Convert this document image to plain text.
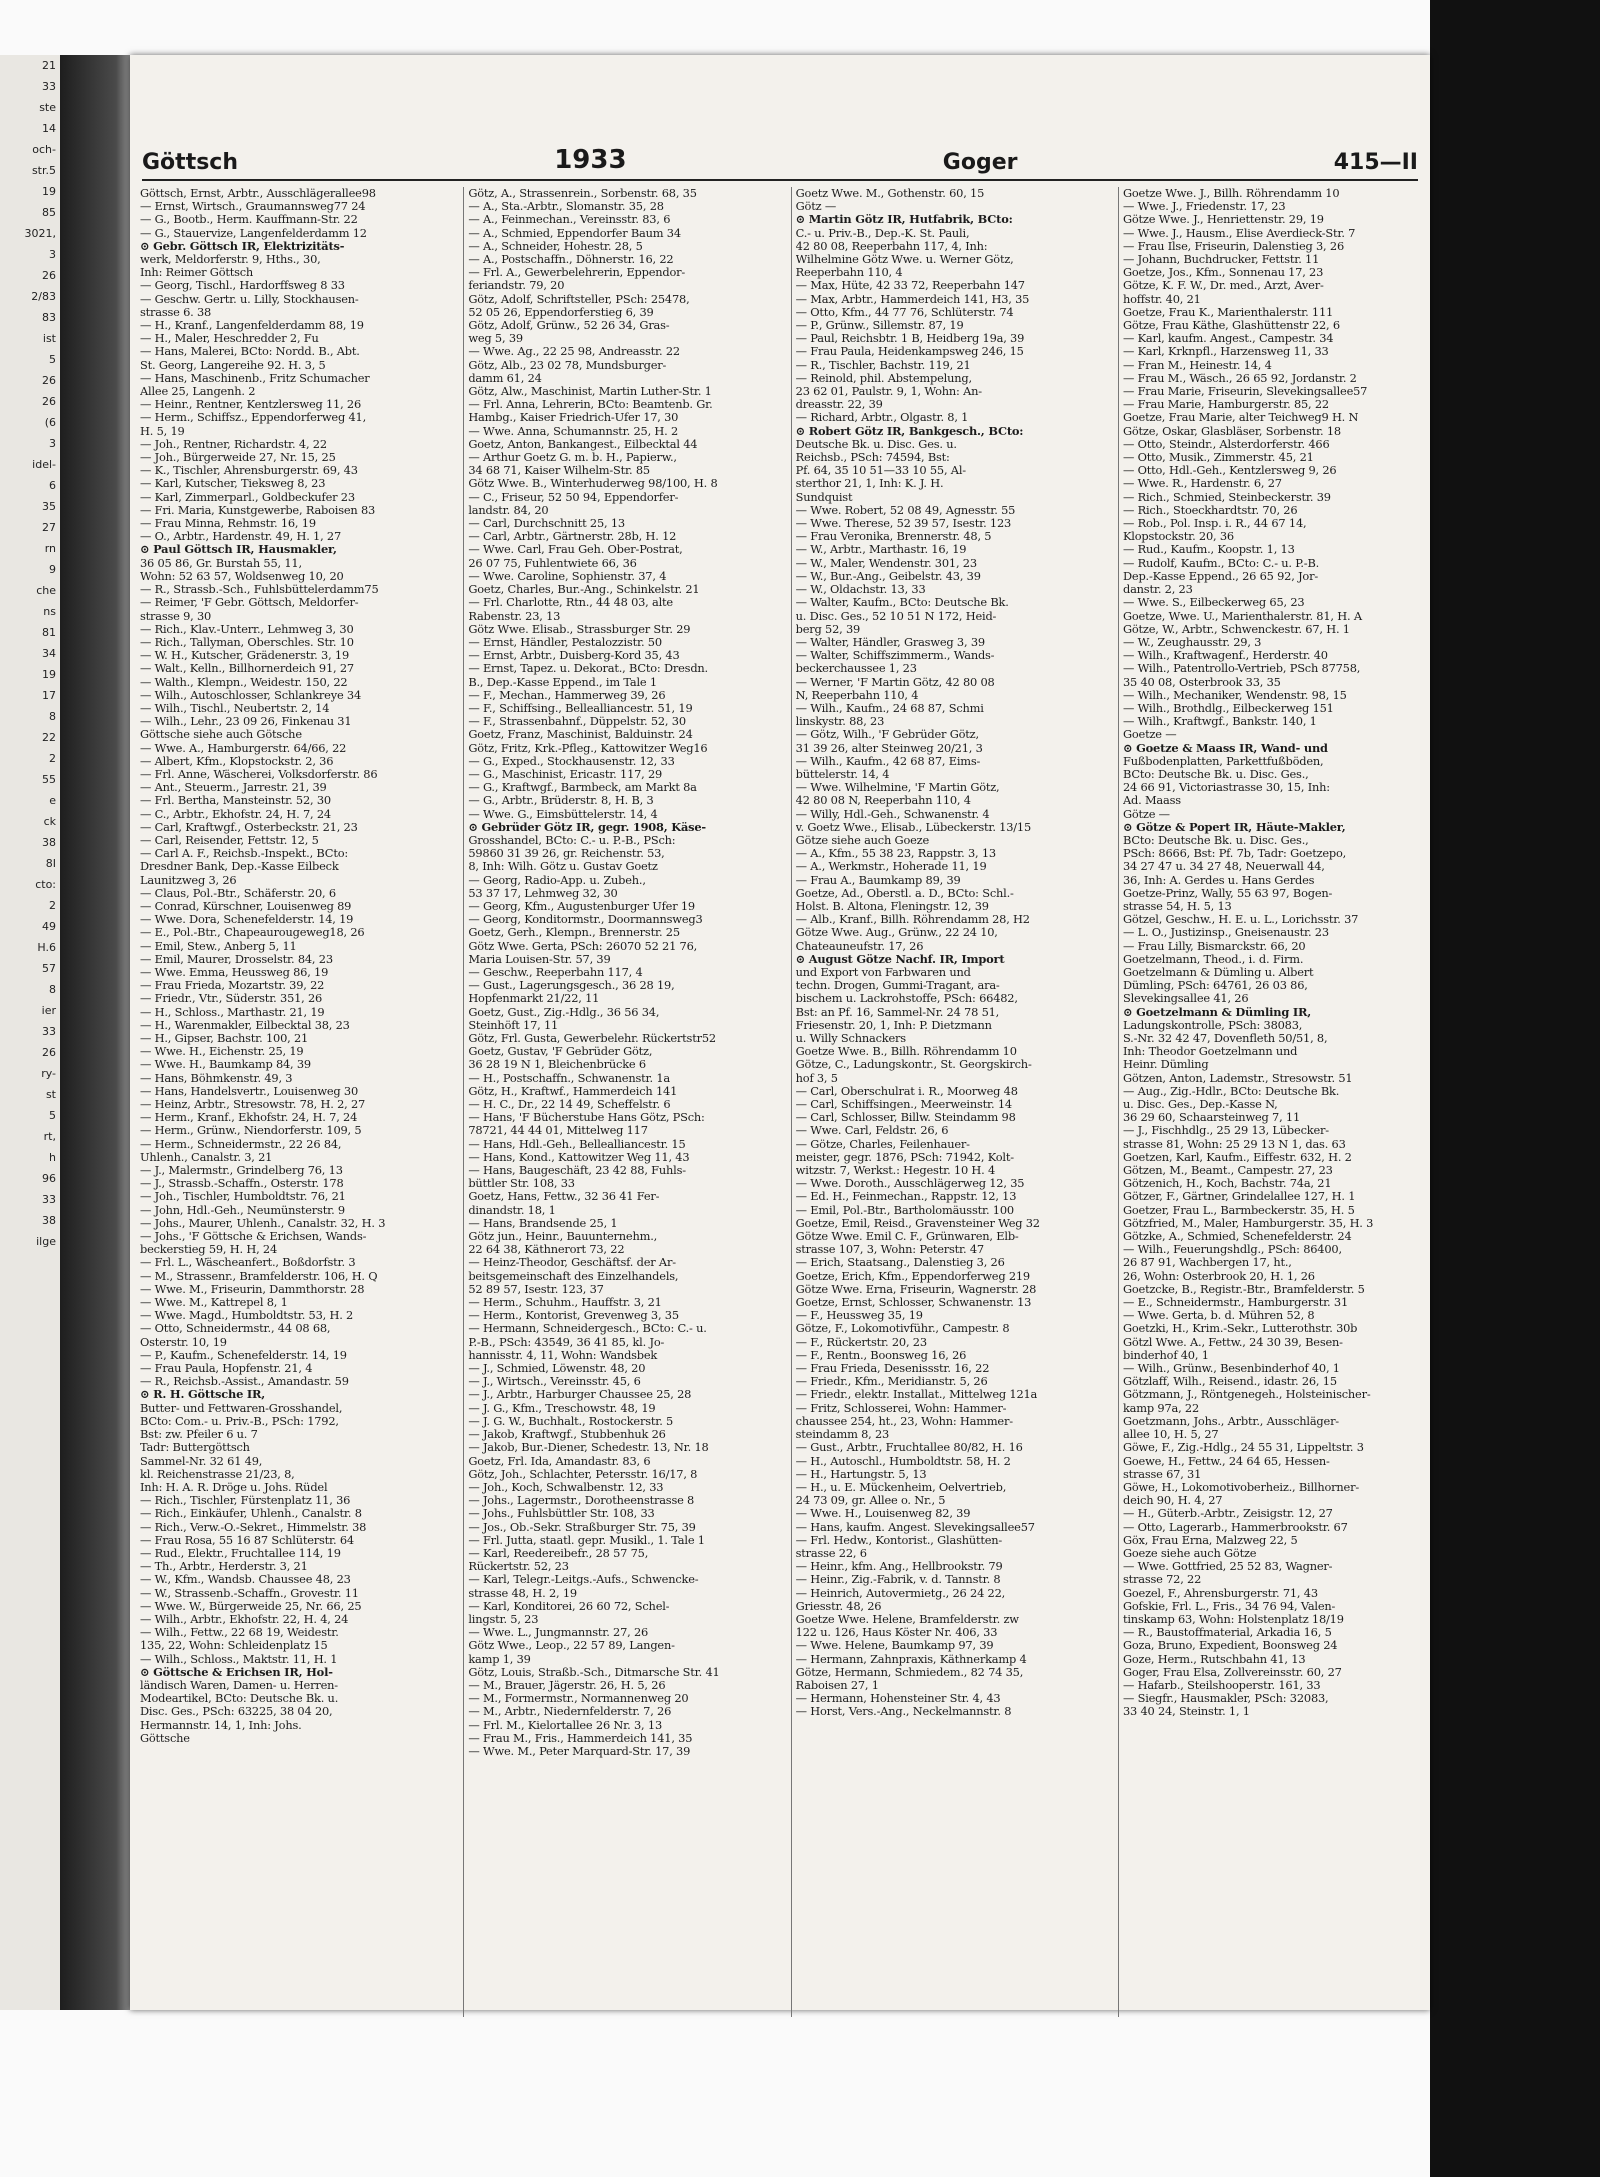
21
33
ste
14
och-
str.5
19
85
3021,
3
26
2/83
83
ist
5
26
26
(6
3
idel-
6
35
27
rn
9
che
ns
81
34
19
17
8
22
2
55
e
ck
38
8I
cto:
2
49
H.6
57
8
ier
33
26
ry-
st
5
rt,
h
96
33
38
ilge
Göttsch	1933	Goger	415—II
Göttsch, Ernst, Arbtr., Ausschlägerallee98
— Ernst, Wirtsch., Graumannsweg77 24
— G., Bootb., Herm. Kauffmann-Str. 22
— G., Stauervize, Langenfelderdamm 12
⊙ Gebr. Göttsch IR, Elektrizitäts-
werk, Meldorferstr. 9, Hths., 30,
Inh: Reimer Göttsch
— Georg, Tischl., Hardorffsweg 8 33
— Geschw. Gertr. u. Lilly, Stockhausen-
strasse 6. 38
— H., Kranf., Langenfelderdamm 88, 19
— H., Maler, Heschredder 2, Fu
— Hans, Malerei, BCto: Nordd. B., Abt.
St. Georg, Langereihe 92. H. 3, 5
— Hans, Maschinenb., Fritz Schumacher
Allee 25, Langenh. 2
— Heinr., Rentner, Kentzlersweg 11, 26
— Herm., Schiffsz., Eppendorferweg 41,
H. 5, 19
— Joh., Rentner, Richardstr. 4, 22
— Joh., Bürgerweide 27, Nr. 15, 25
— K., Tischler, Ahrensburgerstr. 69, 43
— Karl, Kutscher, Tieksweg 8, 23
— Karl, Zimmerparl., Goldbeckufer 23
— Fri. Maria, Kunstgewerbe, Raboisen 83
— Frau Minna, Rehmstr. 16, 19
— O., Arbtr., Hardenstr. 49, H. 1, 27
⊙ Paul Göttsch IR, Hausmakler,
36 05 86, Gr. Burstah 55, 11,
Wohn: 52 63 57, Woldsenweg 10, 20
— R., Strassb.-Sch., Fuhlsbüttelerdamm75
— Reimer, 'F Gebr. Göttsch, Meldorfer-
strasse 9, 30
— Rich., Klav.-Unterr., Lehmweg 3, 30
— Rich., Tallyman, Oberschles. Str. 10
— W. H., Kutscher, Grädenerstr. 3, 19
— Walt., Kelln., Billhornerdeich 91, 27
— Walth., Klempn., Weidestr. 150, 22
— Wilh., Autoschlosser, Schlankreye 34
— Wilh., Tischl., Neubertstr. 2, 14
— Wilh., Lehr., 23 09 26, Finkenau 31
Göttsche siehe auch Götsche
— Wwe. A., Hamburgerstr. 64/66, 22
— Albert, Kfm., Klopstockstr. 2, 36
— Frl. Anne, Wäscherei, Volksdorferstr. 86
— Ant., Steuerm., Jarrestr. 21, 39
— Frl. Bertha, Mansteinstr. 52, 30
— C., Arbtr., Ekhofstr. 24, H. 7, 24
— Carl, Kraftwgf., Osterbeckstr. 21, 23
— Carl, Reisender, Fettstr. 12, 5
— Carl A. F., Reichsb.-Inspekt., BCto:
Dresdner Bank, Dep.-Kasse Eilbeck
Launitzweg 3, 26
— Claus, Pol.-Btr., Schäferstr. 20, 6
— Conrad, Kürschner, Louisenweg 89
— Wwe. Dora, Schenefelderstr. 14, 19
— E., Pol.-Btr., Chapeaurougeweg18, 26
— Emil, Stew., Anberg 5, 11
— Emil, Maurer, Drosselstr. 84, 23
— Wwe. Emma, Heussweg 86, 19
— Frau Frieda, Mozartstr. 39, 22
— Friedr., Vtr., Süderstr. 351, 26
— H., Schloss., Marthastr. 21, 19
— H., Warenmakler, Eilbecktal 38, 23
— H., Gipser, Bachstr. 100, 21
— Wwe. H., Eichenstr. 25, 19
— Wwe. H., Baumkamp 84, 39
— Hans, Böhmkenstr. 49, 3
— Hans, Handelsvertr., Louisenweg 30
— Heinz, Arbtr., Stresowstr. 78, H. 2, 27
— Herm., Kranf., Ekhofstr. 24, H. 7, 24
— Herm., Grünw., Niendorferstr. 109, 5
— Herm., Schneidermstr., 22 26 84,
Uhlenh., Canalstr. 3, 21
— J., Malermstr., Grindelberg 76, 13
— J., Strassb.-Schaffn., Osterstr. 178
— Joh., Tischler, Humboldtstr. 76, 21
— John, Hdl.-Geh., Neumünsterstr. 9
— Johs., Maurer, Uhlenh., Canalstr. 32, H. 3
— Johs., 'F Göttsche & Erichsen, Wands-
beckerstieg 59, H. H, 24
— Frl. L., Wäscheanfert., Boßdorfstr. 3
— M., Strassenr., Bramfelderstr. 106, H. Q
— Wwe. M., Friseurin, Dammthorstr. 28
— Wwe. M., Kattrepel 8, 1
— Wwe. Magd., Humboldtstr. 53, H. 2
— Otto, Schneidermstr., 44 08 68,
Osterstr. 10, 19
— P., Kaufm., Schenefelderstr. 14, 19
— Frau Paula, Hopfenstr. 21, 4
— R., Reichsb.-Assist., Amandastr. 59
⊙ R. H. Göttsche IR,
Butter- und Fettwaren-Grosshandel,
BCto: Com.- u. Priv.-B., PSch: 1792,
Bst: zw. Pfeiler 6 u. 7
Tadr: Buttergöttsch
Sammel-Nr. 32 61 49,
kl. Reichenstrasse 21/23, 8,
Inh: H. A. R. Dröge u. Johs. Rüdel
— Rich., Tischler, Fürstenplatz 11, 36
— Rich., Einkäufer, Uhlenh., Canalstr. 8
— Rich., Verw.-O.-Sekret., Himmelstr. 38
— Frau Rosa, 55 16 87 Schlüterstr. 64
— Rud., Elektr., Fruchtallee 114, 19
— Th., Arbtr., Herderstr. 3, 21
— W., Kfm., Wandsb. Chaussee 48, 23
— W., Strassenb.-Schaffn., Grovestr. 11
— Wwe. W., Bürgerweide 25, Nr. 66, 25
— Wilh., Arbtr., Ekhofstr. 22, H. 4, 24
— Wilh., Fettw., 22 68 19, Weidestr.
135, 22, Wohn: Schleidenplatz 15
— Wilh., Schloss., Maktstr. 11, H. 1
⊙ Göttsche & Erichsen IR, Hol-
ländisch Waren, Damen- u. Herren-
Modeartikel, BCto: Deutsche Bk. u.
Disc. Ges., PSch: 63225, 38 04 20,
Hermannstr. 14, 1, Inh: Johs.
Göttsche
Götz, A., Strassenrein., Sorbenstr. 68, 35
— A., Sta.-Arbtr., Slomanstr. 35, 28
— A., Feinmechan., Vereinsstr. 83, 6
— A., Schmied, Eppendorfer Baum 34
— A., Schneider, Hohestr. 28, 5
— A., Postschaffn., Döhnerstr. 16, 22
— Frl. A., Gewerbelehrerin, Eppendor-
feriandstr. 79, 20
Götz, Adolf, Schriftsteller, PSch: 25478,
52 05 26, Eppendorferstieg 6, 39
Götz, Adolf, Grünw., 52 26 34, Gras-
weg 5, 39
— Wwe. Ag., 22 25 98, Andreasstr. 22
Götz, Alb., 23 02 78, Mundsburger-
damm 61, 24
Götz, Alw., Maschinist, Martin Luther-Str. 1
— Frl. Anna, Lehrerin, BCto: Beamtenb. Gr.
Hambg., Kaiser Friedrich-Ufer 17, 30
— Wwe. Anna, Schumannstr. 25, H. 2
Goetz, Anton, Bankangest., Eilbecktal 44
— Arthur Goetz G. m. b. H., Papierw.,
34 68 71, Kaiser Wilhelm-Str. 85
Götz Wwe. B., Winterhuderweg 98/100, H. 8
— C., Friseur, 52 50 94, Eppendorfer-
landstr. 84, 20
— Carl, Durchschnitt 25, 13
— Carl, Arbtr., Gärtnerstr. 28b, H. 12
— Wwe. Carl, Frau Geh. Ober-Postrat,
26 07 75, Fuhlentwiete 66, 36
— Wwe. Caroline, Sophienstr. 37, 4
Goetz, Charles, Bur.-Ang., Schinkelstr. 21
— Frl. Charlotte, Rtn., 44 48 03, alte
Rabenstr. 23, 13
Götz Wwe. Elisab., Strassburger Str. 29
— Ernst, Händler, Pestalozzistr. 50
— Ernst, Arbtr., Duisberg-Kord 35, 43
— Ernst, Tapez. u. Dekorat., BCto: Dresdn.
B., Dep.-Kasse Eppend., im Tale 1
— F., Mechan., Hammerweg 39, 26
— F., Schiffsing., Bellealliancestr. 51, 19
— F., Strassenbahnf., Düppelstr. 52, 30
Goetz, Franz, Maschinist, Balduinstr. 24
Götz, Fritz, Krk.-Pfleg., Kattowitzer Weg16
— G., Exped., Stockhausenstr. 12, 33
— G., Maschinist, Ericastr. 117, 29
— G., Kraftwgf., Barmbeck, am Markt 8a
— G., Arbtr., Brüderstr. 8, H. B, 3
— Wwe. G., Eimsbüttelerstr. 14, 4
⊙ Gebrüder Götz IR, gegr. 1908, Käse-
Grosshandel, BCto: C.- u. P.-B., PSch:
59860 31 39 26, gr. Reichenstr. 53,
8, Inh: Wilh. Götz u. Gustav Goetz
— Georg, Radio-App. u. Zubeh.,
53 37 17, Lehmweg 32, 30
— Georg, Kfm., Augustenburger Ufer 19
— Georg, Konditormstr., Doormannsweg3
Goetz, Gerh., Klempn., Brennerstr. 25
Götz Wwe. Gerta, PSch: 26070 52 21 76,
Maria Louisen-Str. 57, 39
— Geschw., Reeperbahn 117, 4
— Gust., Lagerungsgesch., 36 28 19,
Hopfenmarkt 21/22, 11
Goetz, Gust., Zig.-Hdlg., 36 56 34,
Steinhöft 17, 11
Götz, Frl. Gusta, Gewerbelehr. Rückertstr52
Goetz, Gustav, 'F Gebrüder Götz,
36 28 19 N 1, Bleichenbrücke 6
— H., Postschaffn., Schwanenstr. 1a
Götz, H., Kraftwf., Hammerdeich 141
— H. C., Dr., 22 14 49, Scheffelstr. 6
— Hans, 'F Bücherstube Hans Götz, PSch:
78721, 44 44 01, Mittelweg 117
— Hans, Hdl.-Geh., Bellealliancestr. 15
— Hans, Kond., Kattowitzer Weg 11, 43
— Hans, Baugeschäft, 23 42 88, Fuhls-
büttler Str. 108, 33
Goetz, Hans, Fettw., 32 36 41 Fer-
dinandstr. 18, 1
— Hans, Brandsende 25, 1
Götz jun., Heinr., Bauunternehm.,
22 64 38, Käthnerort 73, 22
— Heinz-Theodor, Geschäftsf. der Ar-
beitsgemeinschaft des Einzelhandels,
52 89 57, Isestr. 123, 37
— Herm., Schuhm., Hauffstr. 3, 21
— Herm., Kontorist, Grevenweg 3, 35
— Hermann, Schneidergesch., BCto: C.- u.
P.-B., PSch: 43549, 36 41 85, kl. Jo-
hannisstr. 4, 11, Wohn: Wandsbek
— J., Schmied, Löwenstr. 48, 20
— J., Wirtsch., Vereinsstr. 45, 6
— J., Arbtr., Harburger Chaussee 25, 28
— J. G., Kfm., Treschowstr. 48, 19
— J. G. W., Buchhalt., Rostockerstr. 5
— Jakob, Kraftwgf., Stubbenhuk 26
— Jakob, Bur.-Diener, Schedestr. 13, Nr. 18
Goetz, Frl. Ida, Amandastr. 83, 6
Götz, Joh., Schlachter, Petersstr. 16/17, 8
— Joh., Koch, Schwalbenstr. 12, 33
— Johs., Lagermstr., Dorotheenstrasse 8
— Johs., Fuhlsbüttler Str. 108, 33
— Jos., Ob.-Sekr. Straßburger Str. 75, 39
— Frl. Jutta, staatl. gepr. Musikl., 1. Tale 1
— Karl, Reedereibefr., 28 57 75,
Rückertstr. 52, 23
— Karl, Telegr.-Leitgs.-Aufs., Schwencke-
strasse 48, H. 2, 19
— Karl, Konditorei, 26 60 72, Schel-
lingstr. 5, 23
— Wwe. L., Jungmannstr. 27, 26
Götz Wwe., Leop., 22 57 89, Langen-
kamp 1, 39
Götz, Louis, Straßb.-Sch., Ditmarsche Str. 41
— M., Brauer, Jägerstr. 26, H. 5, 26
— M., Formermstr., Normannenweg 20
— M., Arbtr., Niedernfelderstr. 7, 26
— Frl. M., Kielortallee 26 Nr. 3, 13
— Frau M., Fris., Hammerdeich 141, 35
— Wwe. M., Peter Marquard-Str. 17, 39
Goetz Wwe. M., Gothenstr. 60, 15
Götz —
⊙ Martin Götz IR, Hutfabrik, BCto:
C.- u. Priv.-B., Dep.-K. St. Pauli,
42 80 08, Reeperbahn 117, 4, Inh:
Wilhelmine Götz Wwe. u. Werner Götz,
Reeperbahn 110, 4
— Max, Hüte, 42 33 72, Reeperbahn 147
— Max, Arbtr., Hammerdeich 141, H3, 35
— Otto, Kfm., 44 77 76, Schlüterstr. 74
— P., Grünw., Sillemstr. 87, 19
— Paul, Reichsbtr. 1 B, Heidberg 19a, 39
— Frau Paula, Heidenkampsweg 246, 15
— R., Tischler, Bachstr. 119, 21
— Reinold, phil. Abstempelung,
23 62 01, Paulstr. 9, 1, Wohn: An-
dreasstr. 22, 39
— Richard, Arbtr., Olgastr. 8, 1
⊙ Robert Götz IR, Bankgesch., BCto:
Deutsche Bk. u. Disc. Ges. u.
Reichsb., PSch: 74594, Bst:
Pf. 64, 35 10 51—33 10 55, Al-
sterthor 21, 1, Inh: K. J. H.
Sundquist
— Wwe. Robert, 52 08 49, Agnesstr. 55
— Wwe. Therese, 52 39 57, Isestr. 123
— Frau Veronika, Brennerstr. 48, 5
— W., Arbtr., Marthastr. 16, 19
— W., Maler, Wendenstr. 301, 23
— W., Bur.-Ang., Geibelstr. 43, 39
— W., Oldachstr. 13, 33
— Walter, Kaufm., BCto: Deutsche Bk.
u. Disc. Ges., 52 10 51 N 172, Heid-
berg 52, 39
— Walter, Händler, Grasweg 3, 39
— Walter, Schiffszimmerm., Wands-
beckerchaussee 1, 23
— Werner, 'F Martin Götz, 42 80 08
N, Reeperbahn 110, 4
— Wilh., Kaufm., 24 68 87, Schmi
linskystr. 88, 23
— Götz, Wilh., 'F Gebrüder Götz,
31 39 26, alter Steinweg 20/21, 3
— Wilh., Kaufm., 42 68 87, Eims-
büttelerstr. 14, 4
— Wwe. Wilhelmine, 'F Martin Götz,
42 80 08 N, Reeperbahn 110, 4
— Willy, Hdl.-Geh., Schwanenstr. 4
v. Goetz Wwe., Elisab., Lübeckerstr. 13/15
Götze siehe auch Goeze
— A., Kfm., 55 38 23, Rappstr. 3, 13
— A., Werkmstr., Hoherade 11, 19
— Frau A., Baumkamp 89, 39
Goetze, Ad., Oberstl. a. D., BCto: Schl.-
Holst. B. Altona, Fleningstr. 12, 39
— Alb., Kranf., Billh. Röhrendamm 28, H2
Götze Wwe. Aug., Grünw., 22 24 10,
Chateauneufstr. 17, 26
⊙ August Götze Nachf. IR, Import
und Export von Farbwaren und
techn. Drogen, Gummi-Tragant, ara-
bischem u. Lackrohstoffe, PSch: 66482,
Bst: an Pf. 16, Sammel-Nr. 24 78 51,
Friesenstr. 20, 1, Inh: P. Dietzmann
u. Willy Schnackers
Goetze Wwe. B., Billh. Röhrendamm 10
Götze, C., Ladungskontr., St. Georgskirch-
hof 3, 5
— Carl, Oberschulrat i. R., Moorweg 48
— Carl, Schiffsingen., Meerweinstr. 14
— Carl, Schlosser, Billw. Steindamm 98
— Wwe. Carl, Feldstr. 26, 6
— Götze, Charles, Feilenhauer-
meister, gegr. 1876, PSch: 71942, Kolt-
witzstr. 7, Werkst.: Hegestr. 10 H. 4
— Wwe. Doroth., Ausschlägerweg 12, 35
— Ed. H., Feinmechan., Rappstr. 12, 13
— Emil, Pol.-Btr., Bartholomäusstr. 100
Goetze, Emil, Reisd., Gravensteiner Weg 32
Götze Wwe. Emil C. F., Grünwaren, Elb-
strasse 107, 3, Wohn: Peterstr. 47
— Erich, Staatsang., Dalenstieg 3, 26
Goetze, Erich, Kfm., Eppendorferweg 219
Götze Wwe. Erna, Friseurin, Wagnerstr. 28
Goetze, Ernst, Schlosser, Schwanenstr. 13
— F., Heussweg 35, 19
Götze, F., Lokomotivführ., Campestr. 8
— F., Rückertstr. 20, 23
— F., Rentn., Boonsweg 16, 26
— Frau Frieda, Desenissstr. 16, 22
— Friedr., Kfm., Meridianstr. 5, 26
— Friedr., elektr. Installat., Mittelweg 121a
— Fritz, Schlosserei, Wohn: Hammer-
chaussee 254, ht., 23, Wohn: Hammer-
steindamm 8, 23
— Gust., Arbtr., Fruchtallee 80/82, H. 16
— H., Autoschl., Humboldtstr. 58, H. 2
— H., Hartungstr. 5, 13
— H., u. E. Mückenheim, Oelvertrieb,
24 73 09, gr. Allee o. Nr., 5
— Wwe. H., Louisenweg 82, 39
— Hans, kaufm. Angest. Slevekingsallee57
— Frl. Hedw., Kontorist., Glashütten-
strasse 22, 6
— Heinr., kfm. Ang., Hellbrookstr. 79
— Heinr., Zig.-Fabrik, v. d. Tannstr. 8
— Heinrich, Autovermietg., 26 24 22,
Griesstr. 48, 26
Goetze Wwe. Helene, Bramfelderstr. zw
122 u. 126, Haus Köster Nr. 406, 33
— Wwe. Helene, Baumkamp 97, 39
— Hermann, Zahnpraxis, Käthnerkamp 4
Götze, Hermann, Schmiedem., 82 74 35,
Raboisen 27, 1
— Hermann, Hohensteiner Str. 4, 43
— Horst, Vers.-Ang., Neckelmannstr. 8
Goetze Wwe. J., Billh. Röhrendamm 10
— Wwe. J., Friedenstr. 17, 23
Götze Wwe. J., Henriettenstr. 29, 19
— Wwe. J., Hausm., Elise Averdieck-Str. 7
— Frau Ilse, Friseurin, Dalenstieg 3, 26
— Johann, Buchdrucker, Fettstr. 11
Goetze, Jos., Kfm., Sonnenau 17, 23
Götze, K. F. W., Dr. med., Arzt, Aver-
hoffstr. 40, 21
Goetze, Frau K., Marienthalerstr. 111
Götze, Frau Käthe, Glashüttenstr 22, 6
— Karl, kaufm. Angest., Campestr. 34
— Karl, Krknpfl., Harzensweg 11, 33
— Fran M., Heinestr. 14, 4
— Frau M., Wäsch., 26 65 92, Jordanstr. 2
— Frau Marie, Friseurin, Slevekingsallee57
— Frau Marie, Hamburgerstr. 85, 22
Goetze, Frau Marie, alter Teichweg9 H. N
Götze, Oskar, Glasbläser, Sorbenstr. 18
— Otto, Steindr., Alsterdorferstr. 466
— Otto, Musik., Zimmerstr. 45, 21
— Otto, Hdl.-Geh., Kentzlersweg 9, 26
— Wwe. R., Hardenstr. 6, 27
— Rich., Schmied, Steinbeckerstr. 39
— Rich., Stoeckhardtstr. 70, 26
— Rob., Pol. Insp. i. R., 44 67 14,
Klopstockstr. 20, 36
— Rud., Kaufm., Koopstr. 1, 13
— Rudolf, Kaufm., BCto: C.- u. P.-B.
Dep.-Kasse Eppend., 26 65 92, Jor-
danstr. 2, 23
— Wwe. S., Eilbeckerweg 65, 23
Goetze, Wwe. U., Marienthalerstr. 81, H. A
Götze, W., Arbtr., Schwenckestr. 67, H. 1
— W., Zeughausstr. 29, 3
— Wilh., Kraftwagenf., Herderstr. 40
— Wilh., Patentrollo-Vertrieb, PSch 87758,
35 40 08, Osterbrook 33, 35
— Wilh., Mechaniker, Wendenstr. 98, 15
— Wilh., Brothdlg., Eilbeckerweg 151
— Wilh., Kraftwgf., Bankstr. 140, 1
Goetze —
⊙ Goetze & Maass IR, Wand- und
Fußbodenplatten, Parkettfußböden,
BCto: Deutsche Bk. u. Disc. Ges.,
24 66 91, Victoriastrasse 30, 15, Inh:
Ad. Maass
Götze —
⊙ Götze & Popert IR, Häute-Makler,
BCto: Deutsche Bk. u. Disc. Ges.,
PSch: 8666, Bst: Pf. 7b, Tadr: Goetzepo,
34 27 47 u. 34 27 48, Neuerwall 44,
36, Inh: A. Gerdes u. Hans Gerdes
Goetze-Prinz, Wally, 55 63 97, Bogen-
strasse 54, H. 5, 13
Götzel, Geschw., H. E. u. L., Lorichsstr. 37
— L. O., Justizinsp., Gneisenaustr. 23
— Frau Lilly, Bismarckstr. 66, 20
Goetzelmann, Theod., i. d. Firm.
Goetzelmann & Dümling u. Albert
Dümling, PSch: 64761, 26 03 86,
Slevekingsallee 41, 26
⊙ Goetzelmann & Dümling IR,
Ladungskontrolle, PSch: 38083,
S.-Nr. 32 42 47, Dovenfleth 50/51, 8,
Inh: Theodor Goetzelmann und
Heinr. Dümling
Götzen, Anton, Lademstr., Stresowstr. 51
— Aug., Zig.-Hdlr., BCto: Deutsche Bk.
u. Disc. Ges., Dep.-Kasse N,
36 29 60, Schaarsteinweg 7, 11
— J., Fischhdlg., 25 29 13, Lübecker-
strasse 81, Wohn: 25 29 13 N 1, das. 63
Goetzen, Karl, Kaufm., Eiffestr. 632, H. 2
Götzen, M., Beamt., Campestr. 27, 23
Götzenich, H., Koch, Bachstr. 74a, 21
Götzer, F., Gärtner, Grindelallee 127, H. 1
Goetzer, Frau L., Barmbeckerstr. 35, H. 5
Götzfried, M., Maler, Hamburgerstr. 35, H. 3
Götzke, A., Schmied, Schenefelderstr. 24
— Wilh., Feuerungshdlg., PSch: 86400,
26 87 91, Wachbergen 17, ht.,
26, Wohn: Osterbrook 20, H. 1, 26
Goetzcke, B., Registr.-Btr., Bramfelderstr. 5
— E., Schneidermstr., Hamburgerstr. 31
— Wwe. Gerta, b. d. Mühren 52, 8
Goetzki, H., Krim.-Sekr., Lutterothstr. 30b
Götzl Wwe. A., Fettw., 24 30 39, Besen-
binderhof 40, 1
— Wilh., Grünw., Besenbinderhof 40, 1
Götzlaff, Wilh., Reisend., idastr. 26, 15
Götzmann, J., Röntgenegeh., Holsteinischer-
kamp 97a, 22
Goetzmann, Johs., Arbtr., Ausschläger-
allee 10, H. 5, 27
Göwe, F., Zig.-Hdlg., 24 55 31, Lippeltstr. 3
Goewe, H., Fettw., 24 64 65, Hessen-
strasse 67, 31
Göwe, H., Lokomotivoberheiz., Billhorner-
deich 90, H. 4, 27
— H., Güterb.-Arbtr., Zeisigstr. 12, 27
— Otto, Lagerarb., Hammerbrookstr. 67
Göx, Frau Erna, Malzweg 22, 5
Goeze siehe auch Götze
— Wwe. Gottfried, 25 52 83, Wagner-
strasse 72, 22
Goezel, F., Ahrensburgerstr. 71, 43
Gofskie, Frl. L., Fris., 34 76 94, Valen-
tinskamp 63, Wohn: Holstenplatz 18/19
— R., Baustoffmaterial, Arkadia 16, 5
Goza, Bruno, Expedient, Boonsweg 24
Goze, Herm., Rutschbahn 41, 13
Goger, Frau Elsa, Zollvereinsstr. 60, 27
— Hafarb., Steilshooperstr. 161, 33
— Siegfr., Hausmakler, PSch: 32083,
33 40 24, Steinstr. 1, 1
